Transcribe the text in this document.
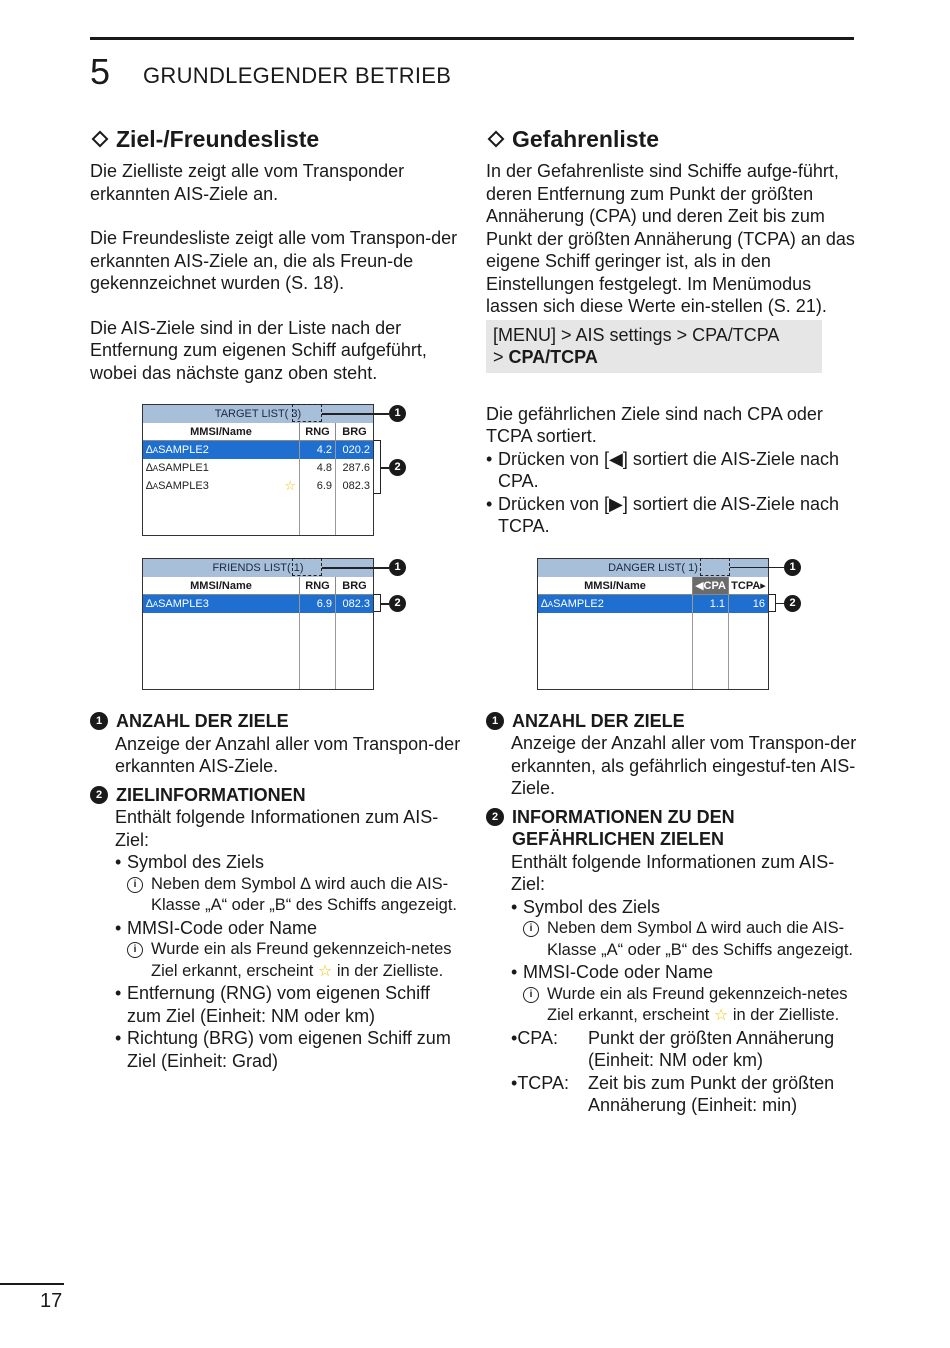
5 GRUNDLEGENDER BETRIEB
Ziel-/Freundesliste

Die Zielliste zeigt alle vom Transponder erkannten AIS-Ziele an.

Die Freundesliste zeigt alle vom Transpon-der erkannten AIS-Ziele an, die als Freun-de gekennzeichnet wurden (S. 18).

Die AIS-Ziele sind in der Liste nach der Entfernung zum eigenen Schiff aufgeführt, wobei das nächste ganz oben steht.

TARGET LIST( 3)
MMSI/Name	RNG	BRG
∆ASAMPLE2	4.2 020.2
∆ASAMPLE1	4.8 287.6
∆ASAMPLE3	☆	6.9 082.3
1
2
FRIENDS LIST( 1)
MMSI/Name	RNG	BRG
∆ASAMPLE3	6.9 082.3
1
2
1 ANZAHL DER ZIELE

Anzeige der Anzahl aller vom Transpon-der erkannten AIS-Ziele.

2 ZIELINFORMATIONEN

Enthält folgende Informationen zum AIS-Ziel:

• Symbol des Ziels
i Neben dem Symbol ∆ wird auch die AIS-Klasse „A“ oder „B“ des Schiffs angezeigt.
• MMSI-Code oder Name
i Wurde ein als Freund gekennzeich-netes Ziel erkannt, erscheint ☆ in der Zielliste.
• Entfernung (RNG) vom eigenen Schiff zum Ziel (Einheit: NM oder km)
• Richtung (BRG) vom eigenen Schiff zum Ziel (Einheit: Grad)
Gefahrenliste

In der Gefahrenliste sind Schiffe aufge-führt, deren Entfernung zum Punkt der größten Annäherung (CPA) und deren Zeit bis zum Punkt der größten Annäherung (TCPA) an das eigene Schiff geringer ist, als in den Einstellungen festgelegt. Im Menümodus lassen sich diese Werte ein-stellen (S. 21).

[MENU] > AIS settings > CPA/TCPA
> CPA/TCPA

Die gefährlichen Ziele sind nach CPA oder TCPA sortiert.

• Drücken von [◀] sortiert die AIS-Ziele nach CPA.
• Drücken von [▶] sortiert die AIS-Ziele nach TCPA.
DANGER LIST( 1)
MMSI/Name	◀CPA TCPA▸
∆ASAMPLE2	1.1	16
1
2
1 ANZAHL DER ZIELE

Anzeige der Anzahl aller vom Transpon-der erkannten, als gefährlich eingestuf-ten AIS-Ziele.

2 INFORMATIONEN ZU DEN
GEFÄHRLICHEN ZIELEN

Enthält folgende Informationen zum AIS-Ziel:

• Symbol des Ziels
i Neben dem Symbol ∆ wird auch die AIS-Klasse „A“ oder „B“ des Schiffs angezeigt.
• MMSI-Code oder Name
i Wurde ein als Freund gekennzeich-netes Ziel erkannt, erscheint ☆ in der Zielliste.
•CPA:	Punkt der größten Annäherung (Einheit: NM oder km)
•TCPA:	Zeit bis zum Punkt der größten Annäherung (Einheit: min)
17
